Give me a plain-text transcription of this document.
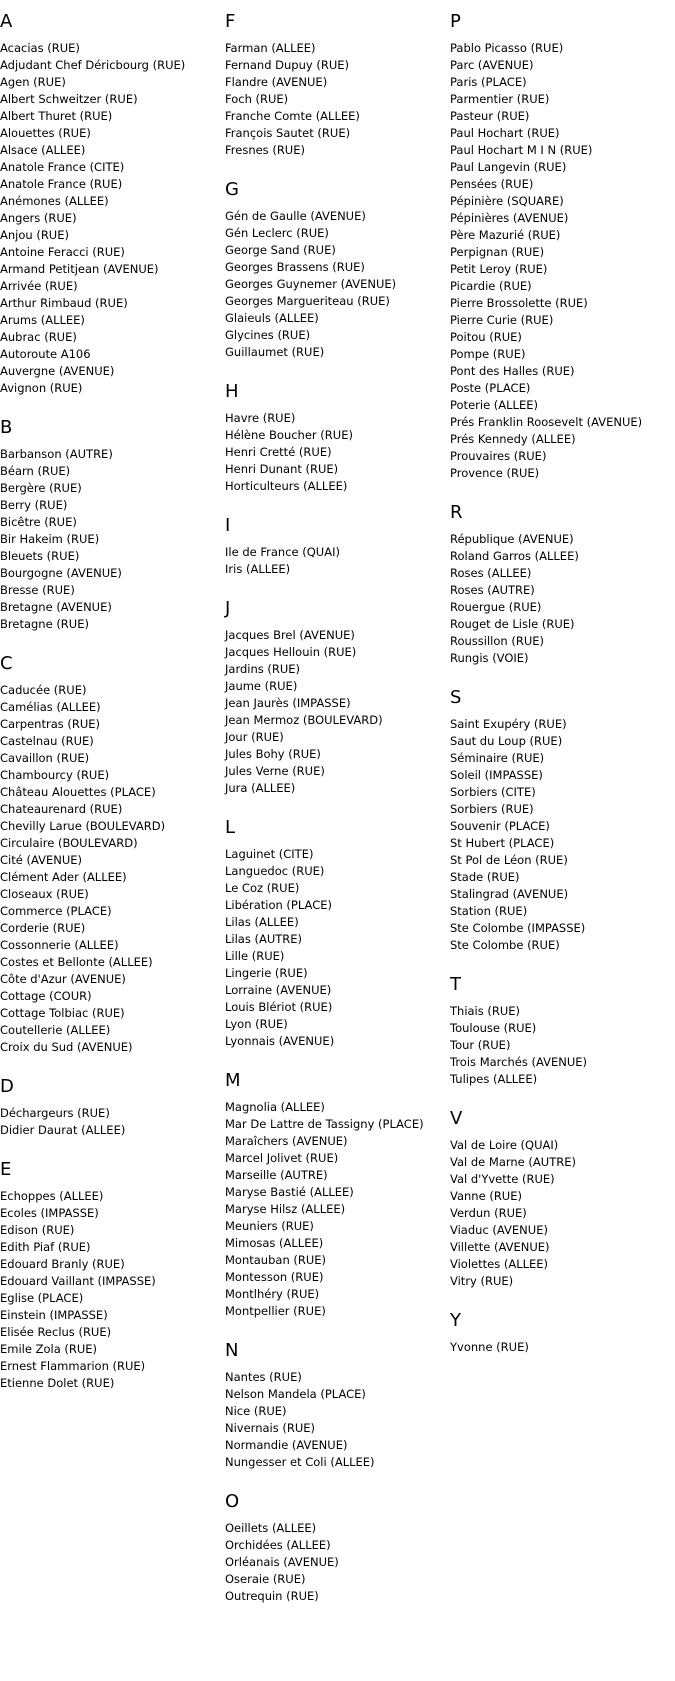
A
Acacias (RUE)
Adjudant Chef Déricbourg (RUE)
Agen (RUE)
Albert Schweitzer (RUE)
Albert Thuret (RUE)
Alouettes (RUE)
Alsace (ALLEE)
Anatole France (CITE)
Anatole France (RUE)
Anémones (ALLEE)
Angers (RUE)
Anjou (RUE)
Antoine Feracci (RUE)
Armand Petitjean (AVENUE)
Arrivée (RUE)
Arthur Rimbaud (RUE)
Arums (ALLEE)
Aubrac (RUE)
Autoroute A106
Auvergne (AVENUE)
Avignon (RUE)
B
Barbanson (AUTRE)
Béarn (RUE)
Bergère (RUE)
Berry (RUE)
Bicêtre (RUE)
Bir Hakeim (RUE)
Bleuets (RUE)
Bourgogne (AVENUE)
Bresse (RUE)
Bretagne (AVENUE)
Bretagne (RUE)
C
Caducée (RUE)
Camélias (ALLEE)
Carpentras (RUE)
Castelnau (RUE)
Cavaillon (RUE)
Chambourcy (RUE)
Château Alouettes (PLACE)
Chateaurenard (RUE)
Chevilly Larue (BOULEVARD)
Circulaire (BOULEVARD)
Cité (AVENUE)
Clément Ader (ALLEE)
Closeaux (RUE)
Commerce (PLACE)
Corderie (RUE)
Cossonnerie (ALLEE)
Costes et Bellonte (ALLEE)
Côte d'Azur (AVENUE)
Cottage (COUR)
Cottage Tolbiac (RUE)
Coutellerie (ALLEE)
Croix du Sud (AVENUE)
D
Déchargeurs (RUE)
Didier Daurat (ALLEE)
E
Echoppes (ALLEE)
Ecoles (IMPASSE)
Edison (RUE)
Edith Piaf (RUE)
Edouard Branly (RUE)
Edouard Vaillant (IMPASSE)
Eglise (PLACE)
Einstein (IMPASSE)
Elisée Reclus (RUE)
Emile Zola (RUE)
Ernest Flammarion (RUE)
Etienne Dolet (RUE)
F
Farman (ALLEE)
Fernand Dupuy (RUE)
Flandre (AVENUE)
Foch (RUE)
Franche Comte (ALLEE)
François Sautet (RUE)
Fresnes (RUE)
G
Gén de Gaulle (AVENUE)
Gén Leclerc (RUE)
George Sand (RUE)
Georges Brassens (RUE)
Georges Guynemer (AVENUE)
Georges Margueriteau (RUE)
Glaieuls (ALLEE)
Glycines (RUE)
Guillaumet (RUE)
H
Havre (RUE)
Hélène Boucher (RUE)
Henri Cretté (RUE)
Henri Dunant (RUE)
Horticulteurs (ALLEE)
I
Ile de France (QUAI)
Iris (ALLEE)
J
Jacques Brel (AVENUE)
Jacques Hellouin (RUE)
Jardins (RUE)
Jaume (RUE)
Jean Jaurès (IMPASSE)
Jean Mermoz (BOULEVARD)
Jour (RUE)
Jules Bohy (RUE)
Jules Verne (RUE)
Jura (ALLEE)
L
Laguinet (CITE)
Languedoc (RUE)
Le Coz (RUE)
Libération (PLACE)
Lilas (ALLEE)
Lilas (AUTRE)
Lille (RUE)
Lingerie (RUE)
Lorraine (AVENUE)
Louis Blériot (RUE)
Lyon (RUE)
Lyonnais (AVENUE)
M
Magnolia (ALLEE)
Mar De Lattre de Tassigny (PLACE)
Maraîchers (AVENUE)
Marcel Jolivet (RUE)
Marseille (AUTRE)
Maryse Bastié (ALLEE)
Maryse Hilsz (ALLEE)
Meuniers (RUE)
Mimosas (ALLEE)
Montauban (RUE)
Montesson (RUE)
Montlhéry (RUE)
Montpellier (RUE)
N
Nantes (RUE)
Nelson Mandela (PLACE)
Nice (RUE)
Nivernais (RUE)
Normandie (AVENUE)
Nungesser et Coli (ALLEE)
O
Oeillets (ALLEE)
Orchidées (ALLEE)
Orléanais (AVENUE)
Oseraie (RUE)
Outrequin (RUE)
P
Pablo Picasso (RUE)
Parc (AVENUE)
Paris (PLACE)
Parmentier (RUE)
Pasteur (RUE)
Paul Hochart (RUE)
Paul Hochart M I N (RUE)
Paul Langevin (RUE)
Pensées (RUE)
Pépinière (SQUARE)
Pépinières (AVENUE)
Père Mazurié (RUE)
Perpignan (RUE)
Petit Leroy (RUE)
Picardie (RUE)
Pierre Brossolette (RUE)
Pierre Curie (RUE)
Poitou (RUE)
Pompe (RUE)
Pont des Halles (RUE)
Poste (PLACE)
Poterie (ALLEE)
Prés Franklin Roosevelt (AVENUE)
Prés Kennedy (ALLEE)
Prouvaires (RUE)
Provence (RUE)
R
République (AVENUE)
Roland Garros (ALLEE)
Roses (ALLEE)
Roses (AUTRE)
Rouergue (RUE)
Rouget de Lisle (RUE)
Roussillon (RUE)
Rungis (VOIE)
S
Saint Exupéry (RUE)
Saut du Loup (RUE)
Séminaire (RUE)
Soleil (IMPASSE)
Sorbiers (CITE)
Sorbiers (RUE)
Souvenir (PLACE)
St Hubert (PLACE)
St Pol de Léon (RUE)
Stade (RUE)
Stalingrad (AVENUE)
Station (RUE)
Ste Colombe (IMPASSE)
Ste Colombe (RUE)
T
Thiais (RUE)
Toulouse (RUE)
Tour (RUE)
Trois Marchés (AVENUE)
Tulipes (ALLEE)
V
Val de Loire (QUAI)
Val de Marne (AUTRE)
Val d'Yvette (RUE)
Vanne (RUE)
Verdun (RUE)
Viaduc (AVENUE)
Villette (AVENUE)
Violettes (ALLEE)
Vitry (RUE)
Y
Yvonne (RUE)
